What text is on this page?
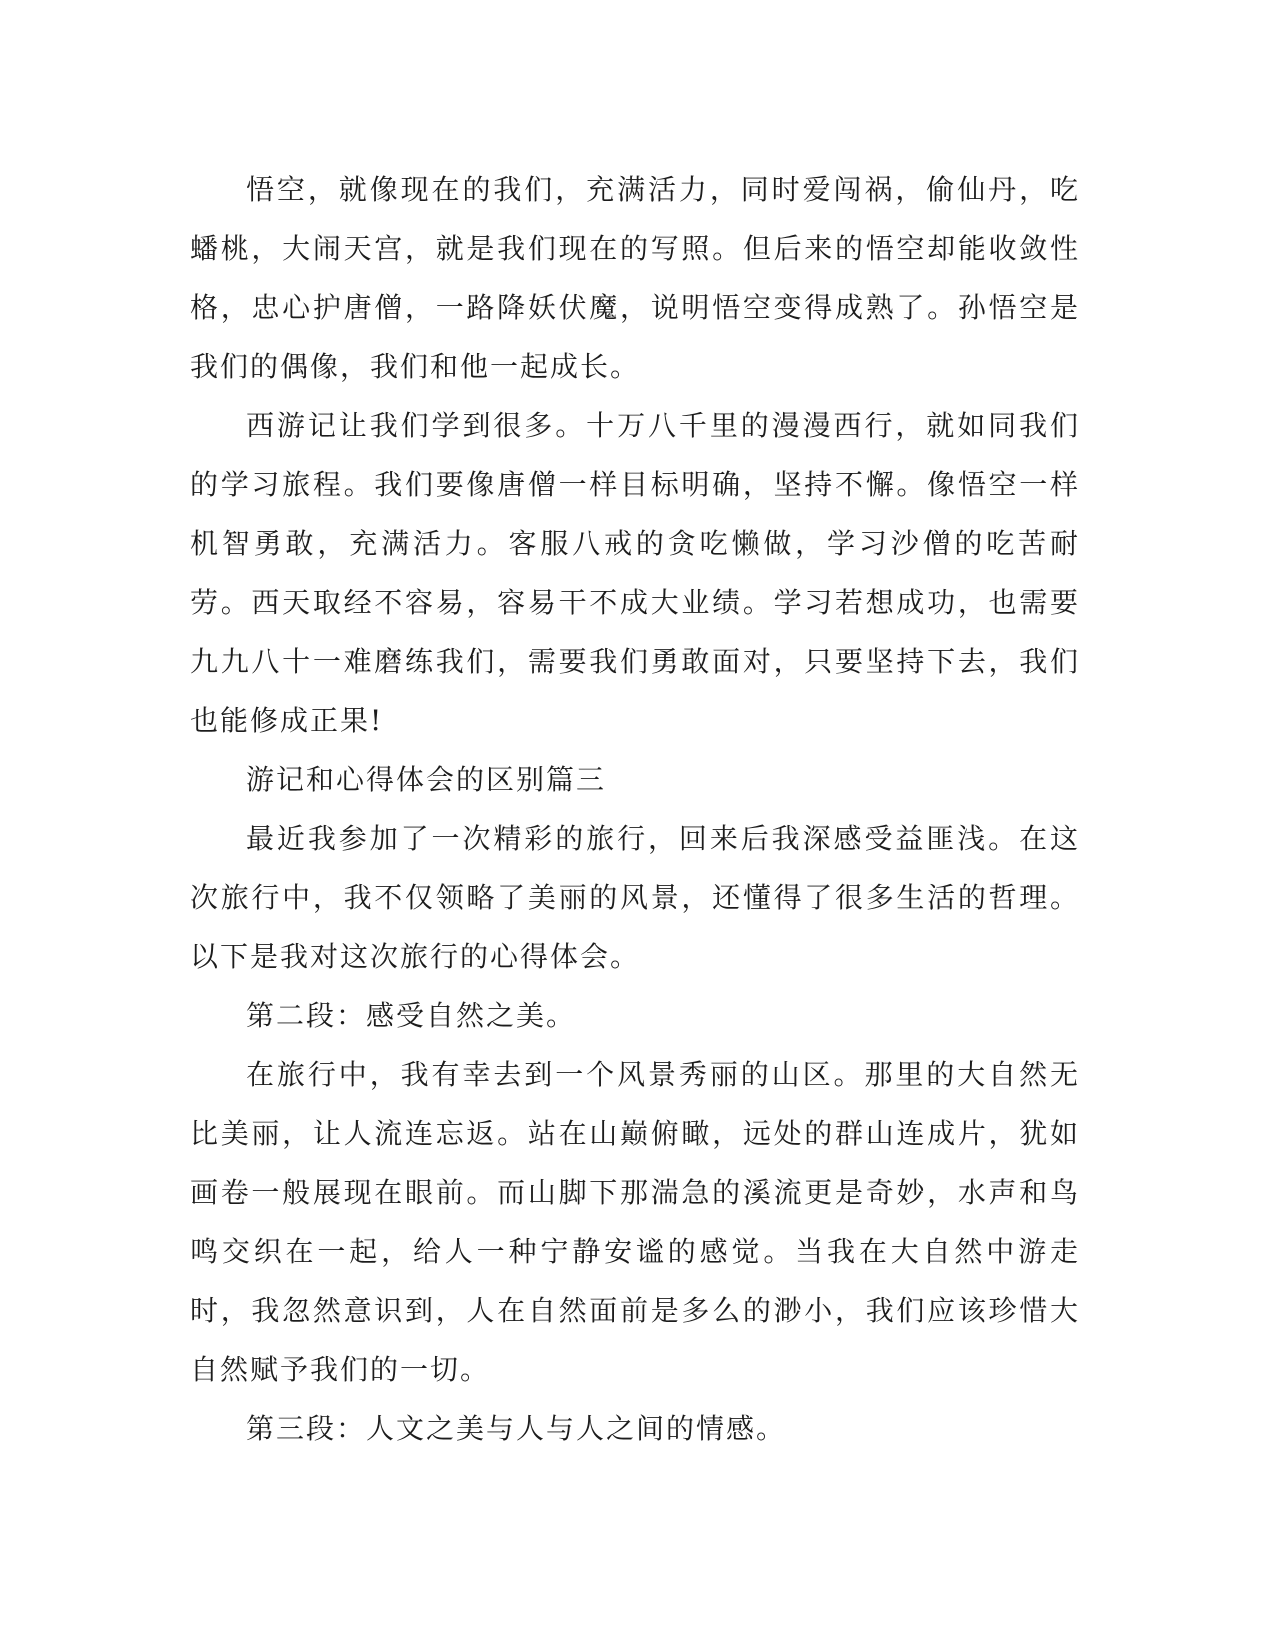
悟空，就像现在的我们，充满活力，同时爱闯祸，偷仙丹，吃蟠桃，大闹天宫，就是我们现在的写照。但后来的悟空却能收敛性格，忠心护唐僧，一路降妖伏魔，说明悟空变得成熟了。孙悟空是我们的偶像，我们和他一起成长。

西游记让我们学到很多。十万八千里的漫漫西行，就如同我们的学习旅程。我们要像唐僧一样目标明确，坚持不懈。像悟空一样机智勇敢，充满活力。客服八戒的贪吃懒做，学习沙僧的吃苦耐劳。西天取经不容易，容易干不成大业绩。学习若想成功，也需要九九八十一难磨练我们，需要我们勇敢面对，只要坚持下去，我们也能修成正果!

游记和心得体会的区别篇三

最近我参加了一次精彩的旅行，回来后我深感受益匪浅。在这次旅行中，我不仅领略了美丽的风景，还懂得了很多生活的哲理。以下是我对这次旅行的心得体会。

第二段：感受自然之美。

在旅行中，我有幸去到一个风景秀丽的山区。那里的大自然无比美丽，让人流连忘返。站在山巅俯瞰，远处的群山连成片，犹如画卷一般展现在眼前。而山脚下那湍急的溪流更是奇妙，水声和鸟鸣交织在一起，给人一种宁静安谧的感觉。当我在大自然中游走时，我忽然意识到，人在自然面前是多么的渺小，我们应该珍惜大自然赋予我们的一切。

第三段：人文之美与人与人之间的情感。
